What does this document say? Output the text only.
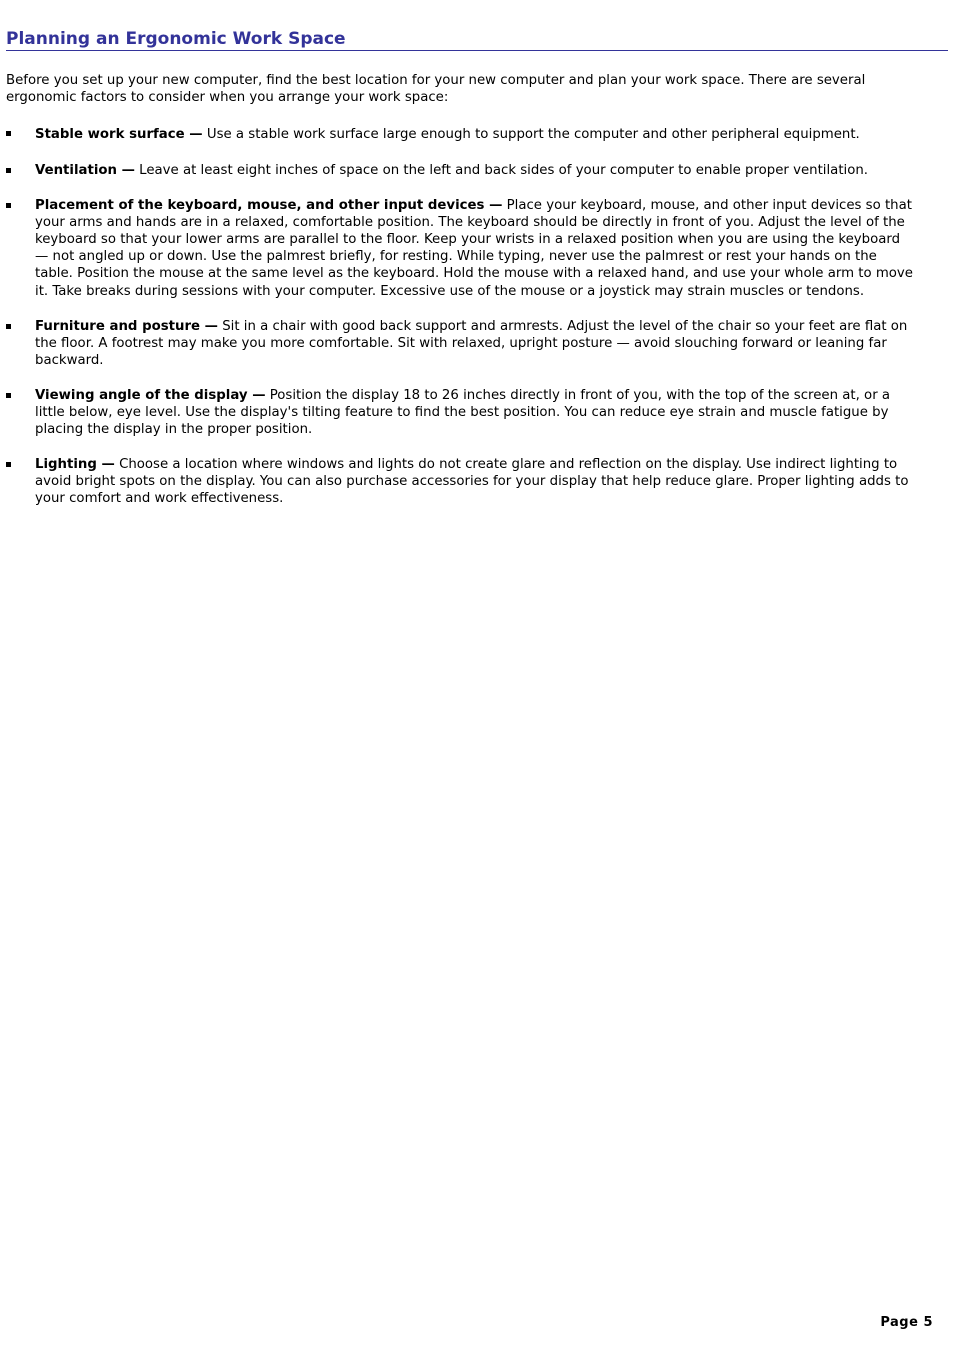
Planning an Ergonomic Work Space

Before you set up your new computer, find the best location for your new computer and plan your work space. There are several ergonomic factors to consider when you arrange your work space:

Stable work surface — Use a stable work surface large enough to support the computer and other peripheral equipment.
Ventilation — Leave at least eight inches of space on the left and back sides of your computer to enable proper ventilation.
Placement of the keyboard, mouse, and other input devices — Place your keyboard, mouse, and other input devices so that your arms and hands are in a relaxed, comfortable position. The keyboard should be directly in front of you. Adjust the level of the keyboard so that your lower arms are parallel to the floor. Keep your wrists in a relaxed position when you are using the keyboard — not angled up or down. Use the palmrest briefly, for resting. While typing, never use the palmrest or rest your hands on the table. Position the mouse at the same level as the keyboard. Hold the mouse with a relaxed hand, and use your whole arm to move it. Take breaks during sessions with your computer. Excessive use of the mouse or a joystick may strain muscles or tendons.
Furniture and posture — Sit in a chair with good back support and armrests. Adjust the level of the chair so your feet are flat on the floor. A footrest may make you more comfortable. Sit with relaxed, upright posture — avoid slouching forward or leaning far backward.
Viewing angle of the display — Position the display 18 to 26 inches directly in front of you, with the top of the screen at, or a little below, eye level. Use the display's tilting feature to find the best position. You can reduce eye strain and muscle fatigue by placing the display in the proper position.
Lighting — Choose a location where windows and lights do not create glare and reflection on the display. Use indirect lighting to avoid bright spots on the display. You can also purchase accessories for your display that help reduce glare. Proper lighting adds to your comfort and work effectiveness.
Page 5
